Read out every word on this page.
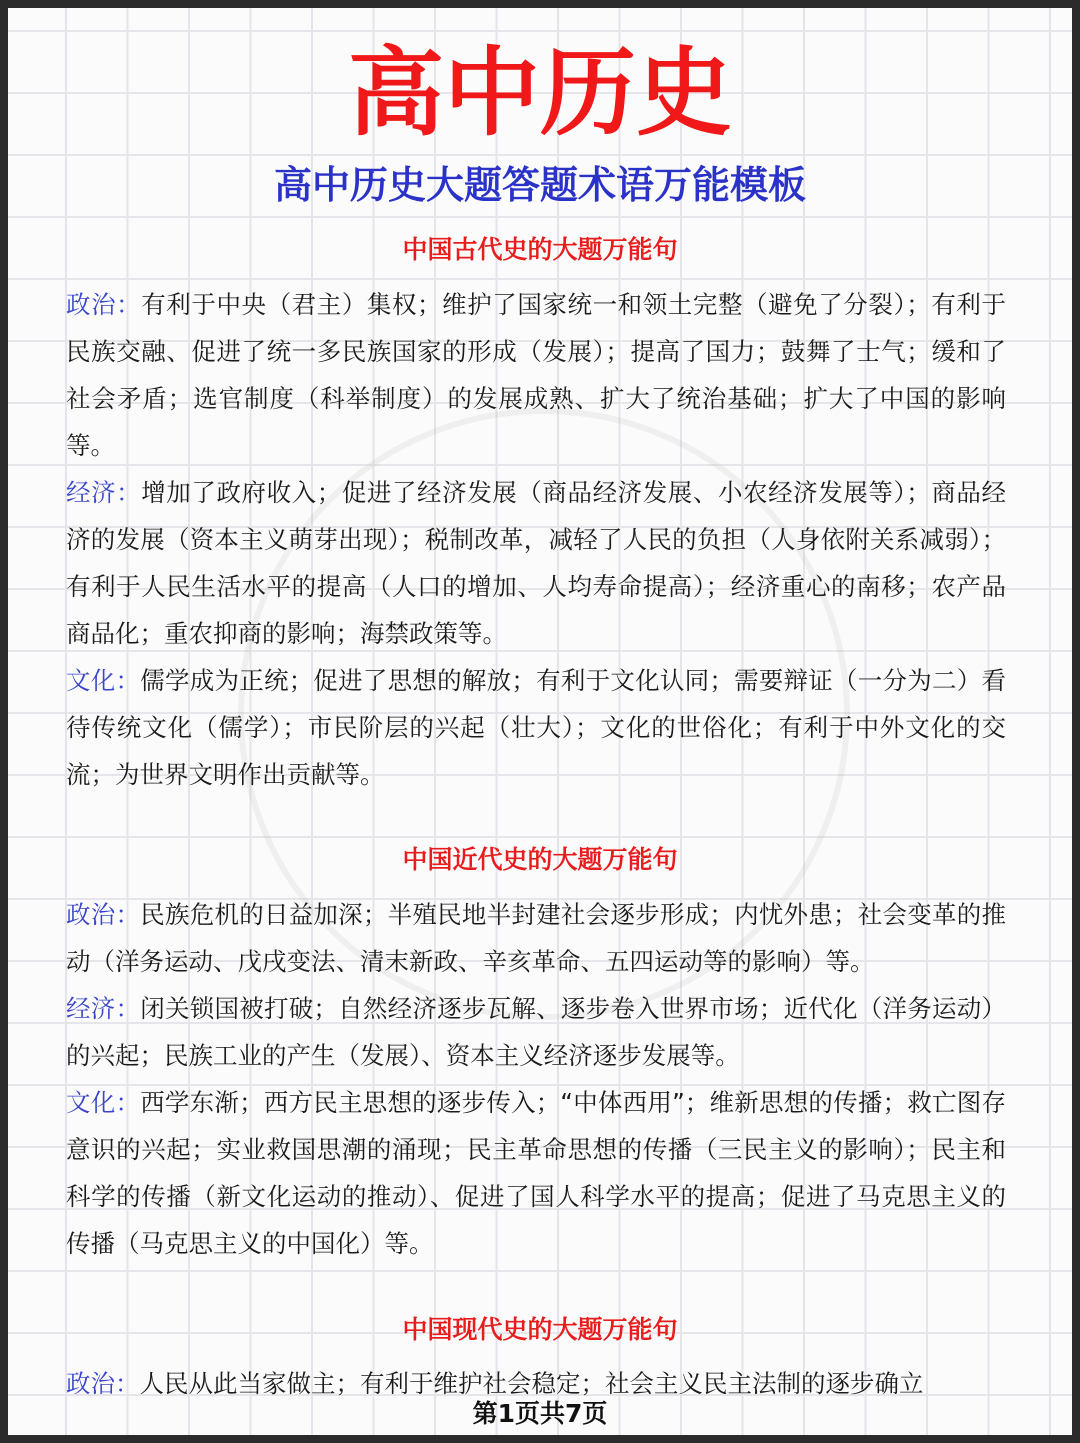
高中历史
高中历史大题答题术语万能模板
中国古代史的大题万能句
政治：有利于中央（君主）集权；维护了国家统一和领土完整（避免了分裂）；有利于民族交融、促进了统一多民族国家的形成（发展）；提高了国力；鼓舞了士气；缓和了社会矛盾；选官制度（科举制度）的发展成熟、扩大了统治基础；扩大了中国的影响等。
经济：增加了政府收入；促进了经济发展（商品经济发展、小农经济发展等）；商品经济的发展（资本主义萌芽出现）；税制改革，减轻了人民的负担（人身依附关系减弱）；有利于人民生活水平的提高（人口的增加、人均寿命提高）；经济重心的南移；农产品商品化；重农抑商的影响；海禁政策等。
文化：儒学成为正统；促进了思想的解放；有利于文化认同；需要辩证（一分为二）看待传统文化（儒学）；市民阶层的兴起（壮大）；文化的世俗化；有利于中外文化的交流；为世界文明作出贡献等。
中国近代史的大题万能句
政治：民族危机的日益加深；半殖民地半封建社会逐步形成；内忧外患；社会变革的推动（洋务运动、戊戌变法、清末新政、辛亥革命、五四运动等的影响）等。
经济：闭关锁国被打破；自然经济逐步瓦解、逐步卷入世界市场；近代化（洋务运动）的兴起；民族工业的产生（发展）、资本主义经济逐步发展等。
文化：西学东渐；西方民主思想的逐步传入；“中体西用”；维新思想的传播；救亡图存意识的兴起；实业救国思潮的涌现；民主革命思想的传播（三民主义的影响）；民主和科学的传播（新文化运动的推动）、促进了国人科学水平的提高；促进了马克思主义的传播（马克思主义的中国化）等。
中国现代史的大题万能句
政治：人民从此当家做主；有利于维护社会稳定；社会主义民主法制的逐步确立
第1页共7页
